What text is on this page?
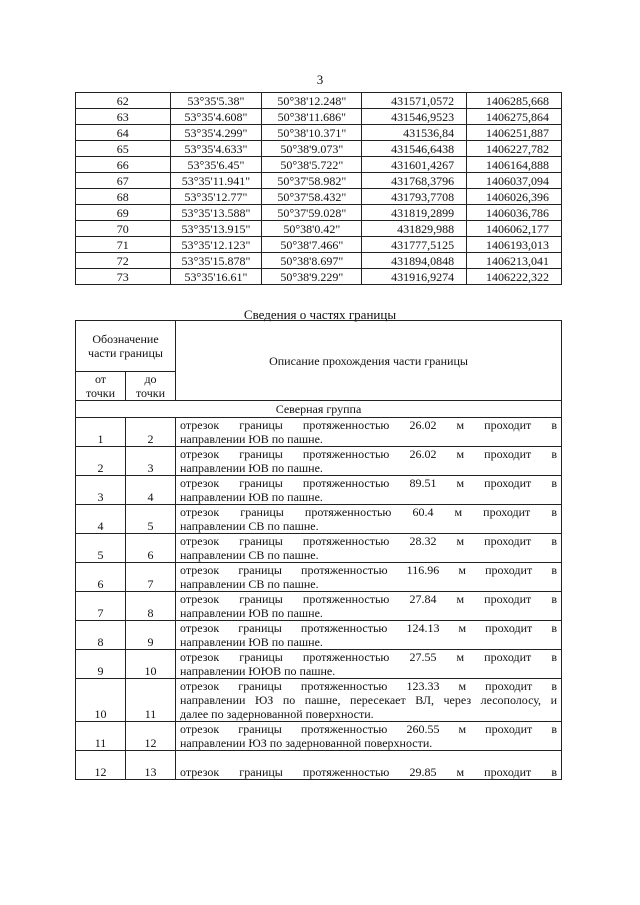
3
62	53°35'5.38"	50°38'12.248"	431571,0572	1406285,668
63	53°35'4.608"	50°38'11.686"	431546,9523	1406275,864
64	53°35'4.299"	50°38'10.371"	431536,84	1406251,887
65	53°35'4.633"	50°38'9.073"	431546,6438	1406227,782
66	53°35'6.45"	50°38'5.722"	431601,4267	1406164,888
67	53°35'11.941"	50°37'58.982"	431768,3796	1406037,094
68	53°35'12.77"	50°37'58.432"	431793,7708	1406026,396
69	53°35'13.588"	50°37'59.028"	431819,2899	1406036,786
70	53°35'13.915"	50°38'0.42"	431829,988	1406062,177
71	53°35'12.123"	50°38'7.466"	431777,5125	1406193,013
72	53°35'15.878"	50°38'8.697"	431894,0848	1406213,041
73	53°35'16.61"	50°38'9.229"	431916,9274	1406222,322
Сведения о частях границы
Обозначение части границы		Описание прохождения части границы
от точки	до точки	
Северная группа		
1	2	отрезок границы протяженностью 26.02 м проходит в
направлении ЮВ по пашне.

2	3	отрезок границы протяженностью 26.02 м проходит в
направлении ЮВ по пашне.

3	4	отрезок границы протяженностью 89.51 м проходит в
направлении ЮВ по пашне.

4	5	отрезок границы протяженностью 60.4 м проходит в
направлении СВ по пашне.

5	6	отрезок границы протяженностью 28.32 м проходит в
направлении СВ по пашне.

6	7	отрезок границы протяженностью 116.96 м проходит в
направлении СВ по пашне.

7	8	отрезок границы протяженностью 27.84 м проходит в
направлении ЮВ по пашне.

8	9	отрезок границы протяженностью 124.13 м проходит в
направлении ЮВ по пашне.

9	10	отрезок границы протяженностью 27.55 м проходит в
направлении ЮЮВ по пашне.

10	11	отрезок границы протяженностью 123.33 м проходит в
направлении ЮЗ по пашне, пересекает ВЛ, через лесополосу, и
далее по задернованной поверхности.

11	12	отрезок границы протяженностью 260.55 м проходит в
направлении ЮЗ по задернованной поверхности.

12	13	отрезок границы протяженностью 29.85 м проходит в
